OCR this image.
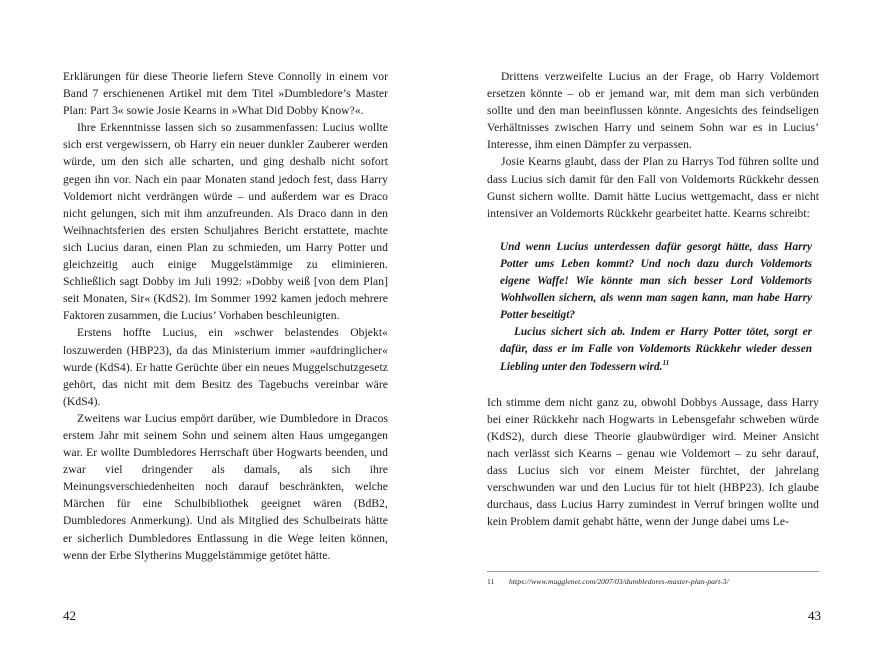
Erklärungen für diese Theorie liefern Steve Connolly in einem vor Band 7 erschienenen Artikel mit dem Titel »Dumbledore’s Master Plan: Part 3« sowie Josie Kearns in »What Did Dobby Know?«.

Ihre Erkenntnisse lassen sich so zusammenfassen: Lucius wollte sich erst vergewissern, ob Harry ein neuer dunkler Zauberer werden würde, um den sich alle scharten, und ging deshalb nicht sofort gegen ihn vor. Nach ein paar Monaten stand jedoch fest, dass Harry Voldemort nicht verdrängen würde – und außerdem war es Draco nicht gelungen, sich mit ihm anzufreunden. Als Draco dann in den Weihnachtsferien des ersten Schuljahres Bericht erstattete, machte sich Lucius daran, einen Plan zu schmieden, um Harry Potter und gleichzeitig auch einige Muggelstämmige zu eliminieren. Schließlich sagt Dobby im Juli 1992: »Dobby weiß [von dem Plan] seit Monaten, Sir« (KdS2). Im Sommer 1992 kamen jedoch mehrere Faktoren zusammen, die Lucius’ Vorhaben beschleunigten.

Erstens hoffte Lucius, ein »schwer belastendes Objekt« loszuwerden (HBP23), da das Ministerium immer »aufdringlicher« wurde (KdS4). Er hatte Gerüchte über ein neues Muggelschutzgesetz gehört, das nicht mit dem Besitz des Tagebuchs vereinbar wäre (KdS4).

Zweitens war Lucius empört darüber, wie Dumbledore in Dracos erstem Jahr mit seinem Sohn und seinem alten Haus umgegangen war. Er wollte Dumbledores Herrschaft über Hogwarts beenden, und zwar viel dringender als damals, als sich ihre Meinungsverschiedenheiten noch darauf beschränkten, welche Märchen für eine Schulbibliothek geeignet wären (BdB2, Dumbledores Anmerkung). Und als Mitglied des Schulbeirats hätte er sicherlich Dumbledores Entlassung in die Wege leiten können, wenn der Erbe Slytherins Muggelstämmige getötet hätte.

42

Drittens verzweifelte Lucius an der Frage, ob Harry Voldemort ersetzen könnte – ob er jemand war, mit dem man sich verbünden sollte und den man beeinflussen könnte. Angesichts des feindseligen Verhältnisses zwischen Harry und seinem Sohn war es in Lucius’ Interesse, ihm einen Dämpfer zu verpassen.

Josie Kearns glaubt, dass der Plan zu Harrys Tod führen sollte und dass Lucius sich damit für den Fall von Voldemorts Rückkehr dessen Gunst sichern wollte. Damit hätte Lucius wettgemacht, dass er nicht intensiver an Voldemorts Rückkehr gearbeitet hatte. Kearns schreibt:

Und wenn Lucius unterdessen dafür gesorgt hätte, dass Harry Potter ums Leben kommt? Und noch dazu durch Voldemorts eigene Waffe! Wie könnte man sich besser Lord Voldemorts Wohlwollen sichern, als wenn man sagen kann, man habe Harry Potter beseitigt?

Lucius sichert sich ab. Indem er Harry Potter tötet, sorgt er dafür, dass er im Falle von Voldemorts Rückkehr wieder dessen Liebling unter den Todessern wird.$^{11}$

Ich stimme dem nicht ganz zu, obwohl Dobbys Aussage, dass Harry bei einer Rückkehr nach Hogwarts in Lebensgefahr schweben würde (KdS2), durch diese Theorie glaubwürdiger wird. Meiner Ansicht nach verlässt sich Kearns – genau wie Voldemort – zu sehr darauf, dass Lucius sich vor einem Meister fürchtet, der jahrelang verschwunden war und den Lucius für tot hielt (HBP23). Ich glaube durchaus, dass Lucius Harry zumindest in Verruf bringen wollte und kein Problem damit gehabt hätte, wenn der Junge dabei ums Le-

11	https://www.mugglenet.com/2007/03/dumbledores-master-plan-part-3/
43
